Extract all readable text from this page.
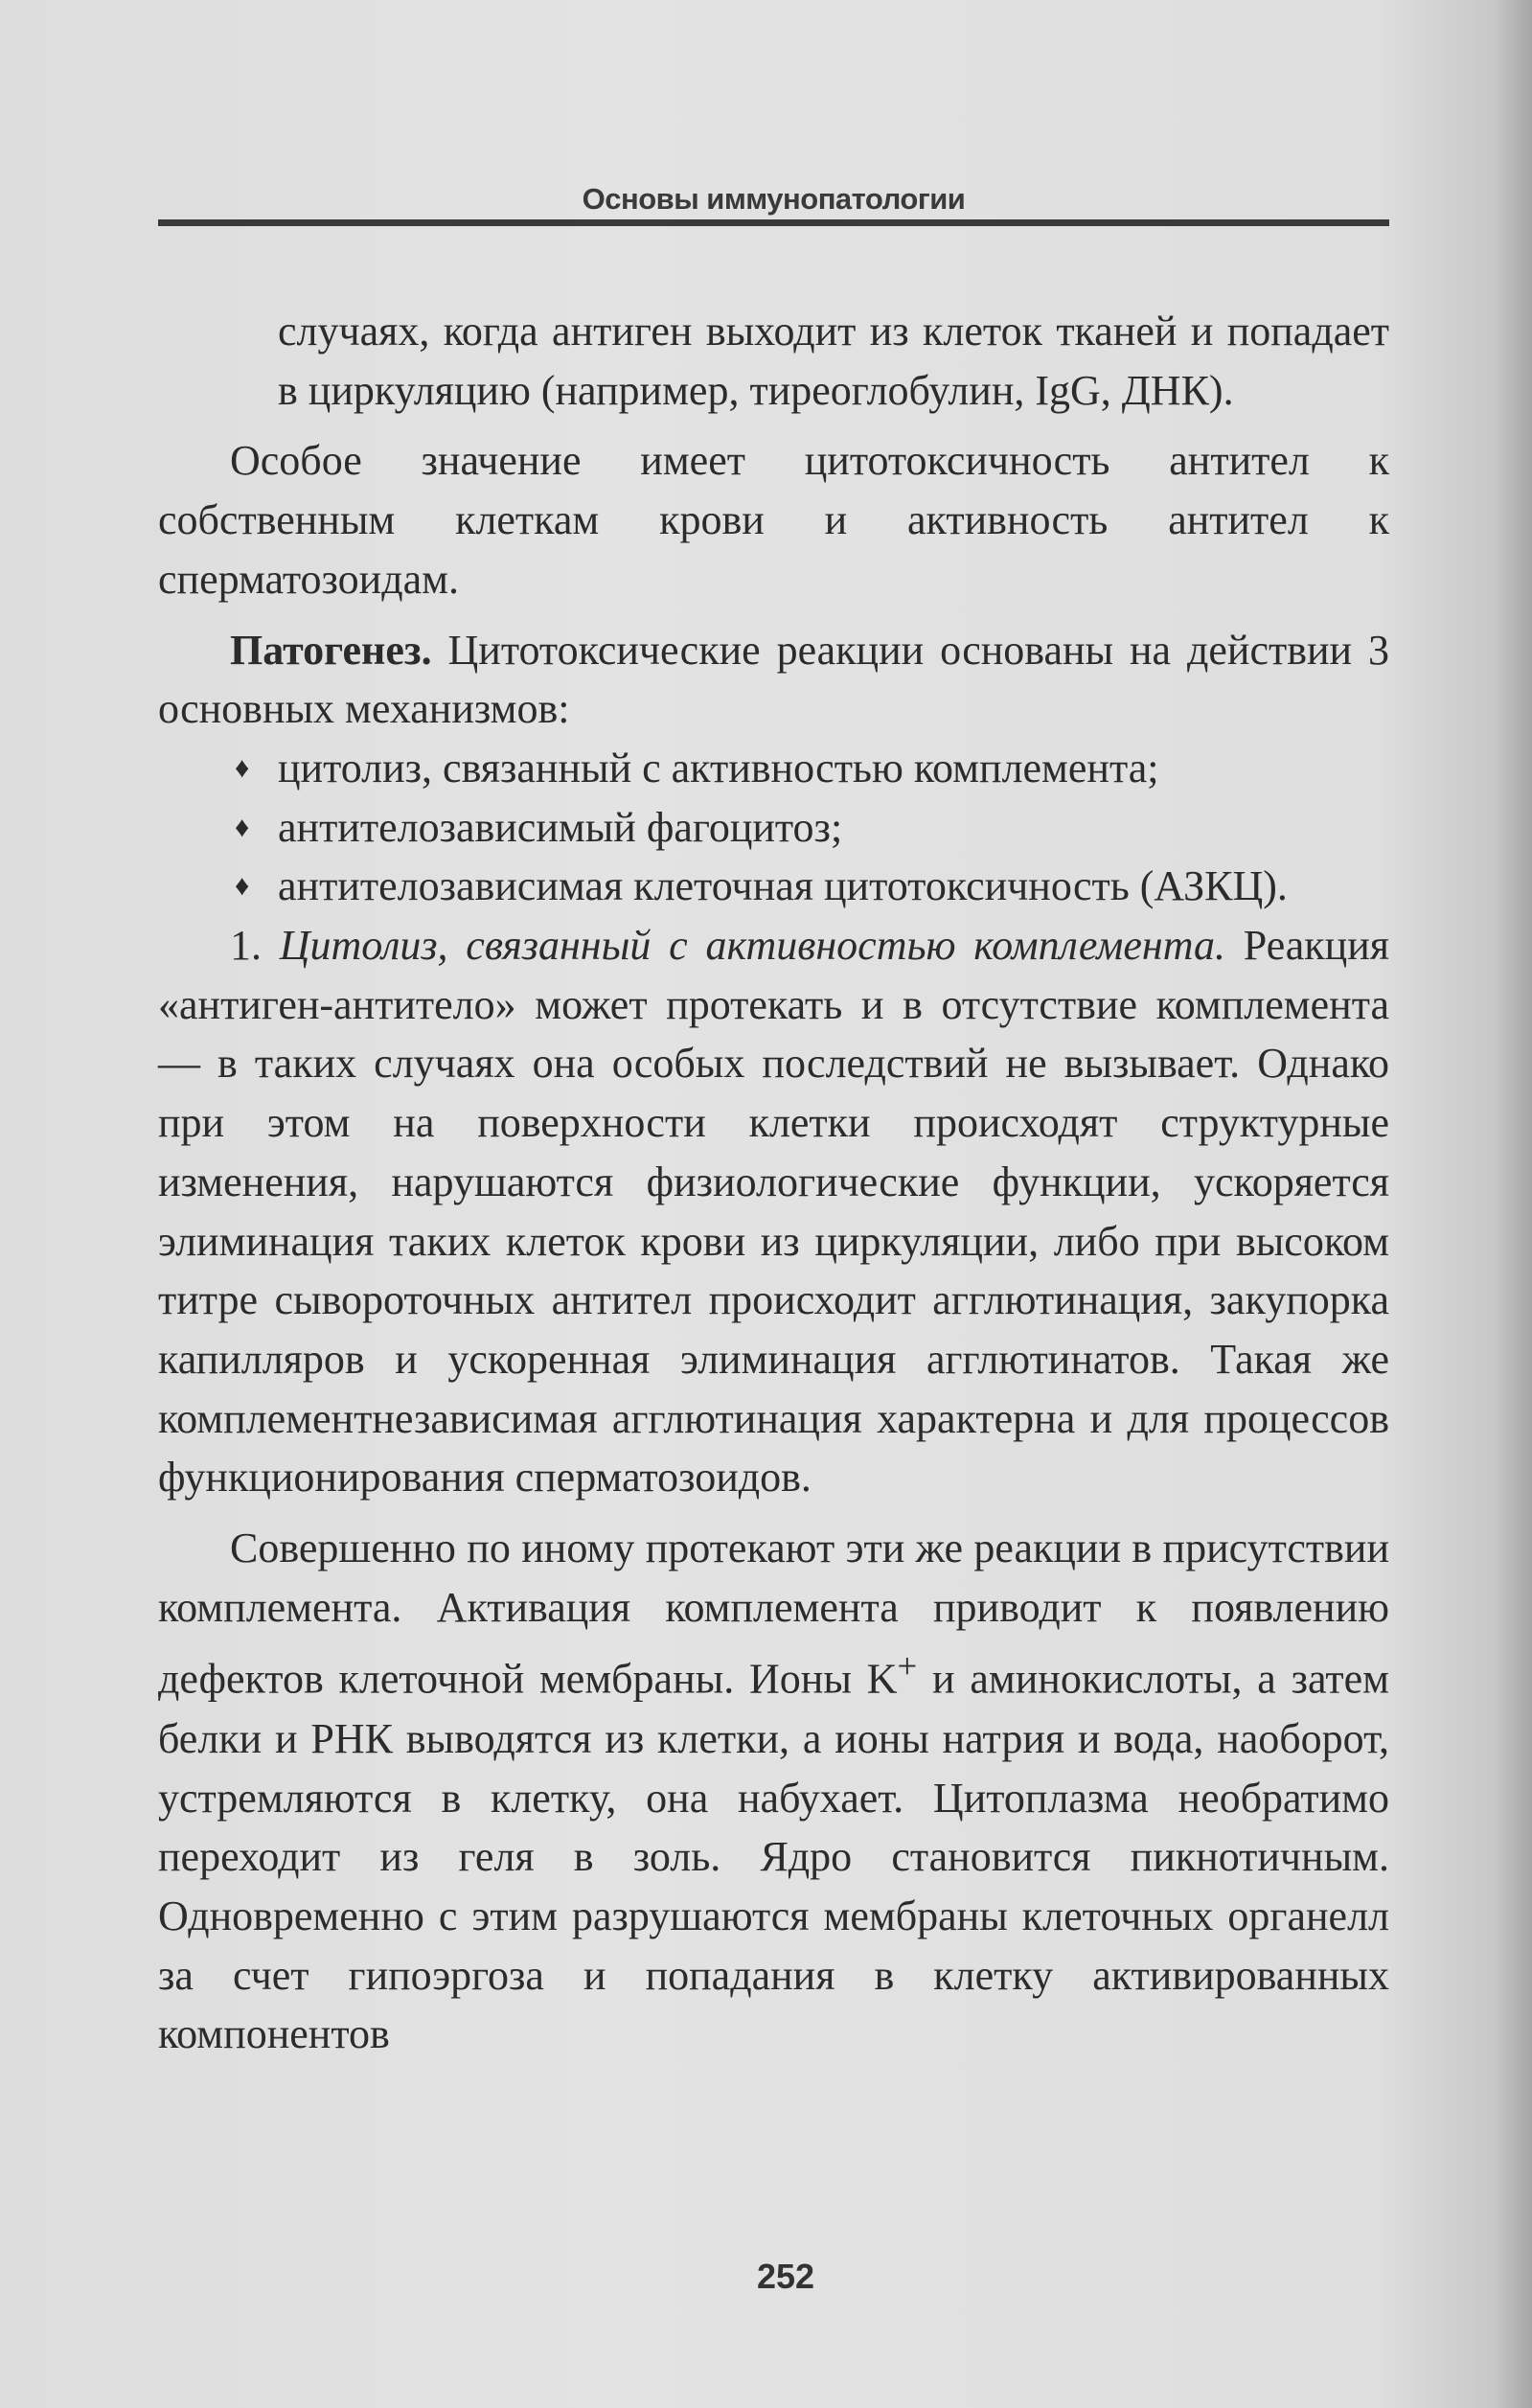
Основы иммунопатологии

случаях, когда антиген выходит из клеток тканей и попадает в циркуляцию (например, тиреоглобулин, IgG, ДНК).

Особое значение имеет цитотоксичность антител к собственным клеткам крови и активность антител к сперматозоидам.

Патогенез. Цитотоксические реакции основаны на действии 3 основных механизмов:

♦ цитолиз, связанный с активностью комплемента;

♦ антителозависимый фагоцитоз;

♦ антителозависимая клеточная цитотоксичность (АЗКЦ).

1. Цитолиз, связанный с активностью комплемента. Реакция «антиген-антитело» может протекать и в отсутствие комплемента — в таких случаях она особых последствий не вызывает. Однако при этом на поверхности клетки происходят структурные изменения, нарушаются физиологические функции, ускоряется элиминация таких клеток крови из циркуляции, либо при высоком титре сывороточных антител происходит агглютинация, закупорка капилляров и ускоренная элиминация агглютинатов. Такая же комплементнезависимая агглютинация характерна и для процессов функционирования сперматозоидов.

Совершенно по иному протекают эти же реакции в присутствии комплемента. Активация комплемента приводит к появлению дефектов клеточной мембраны. Ионы K+ и аминокислоты, а затем белки и РНК выводятся из клетки, а ионы натрия и вода, наоборот, устремляются в клетку, она набухает. Цитоплазма необратимо переходит из геля в золь. Ядро становится пикнотичным. Одновременно с этим разрушаются мембраны клеточных органелл за счет гипоэргоза и попадания в клетку активированных компонентов

252
